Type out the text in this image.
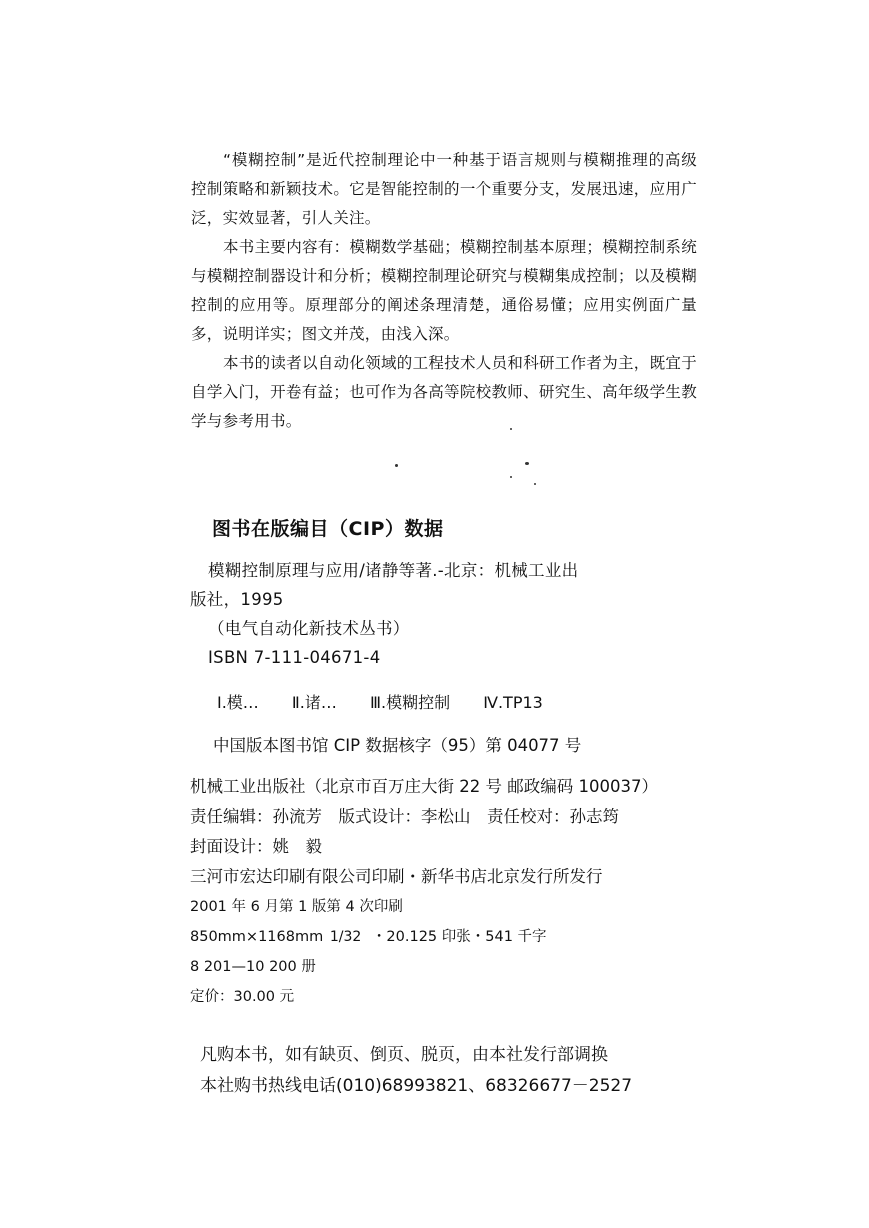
“模糊控制”是近代控制理论中一种基于语言规则与模糊推理的高级控制策略和新颖技术。它是智能控制的一个重要分支，发展迅速，应用广泛，实效显著，引人关注。

本书主要内容有：模糊数学基础；模糊控制基本原理；模糊控制系统与模糊控制器设计和分析；模糊控制理论研究与模糊集成控制；以及模糊控制的应用等。原理部分的阐述条理清楚，通俗易懂；应用实例面广量多，说明详实；图文并茂，由浅入深。

本书的读者以自动化领域的工程技术人员和科研工作者为主，既宜于自学入门，开卷有益；也可作为各高等院校教师、研究生、高年级学生教学与参考用书。

图书在版编目（CIP）数据
模糊控制原理与应用/诸静等著.-北京：机械工业出
版社，1995
（电气自动化新技术丛书）
ISBN 7-111-04671-4
Ⅰ.模… Ⅱ.诸… Ⅲ.模糊控制 Ⅳ.TP13
中国版本图书馆 CIP 数据核字（95）第 04077 号
机械工业出版社（北京市百万庄大街 22 号 邮政编码 100037）
责任编辑：孙流芳　版式设计：李松山　责任校对：孙志筠
封面设计：姚　毅
三河市宏达印刷有限公司印刷・新华书店北京发行所发行
2001 年 6 月第 1 版第 4 次印刷
850mm×1168mm 1/32 ・20.125 印张・541 千字
8 201—10 200 册
定价：30.00 元
凡购本书，如有缺页、倒页、脱页，由本社发行部调换
本社购书热线电话(010)68993821、68326677－2527
